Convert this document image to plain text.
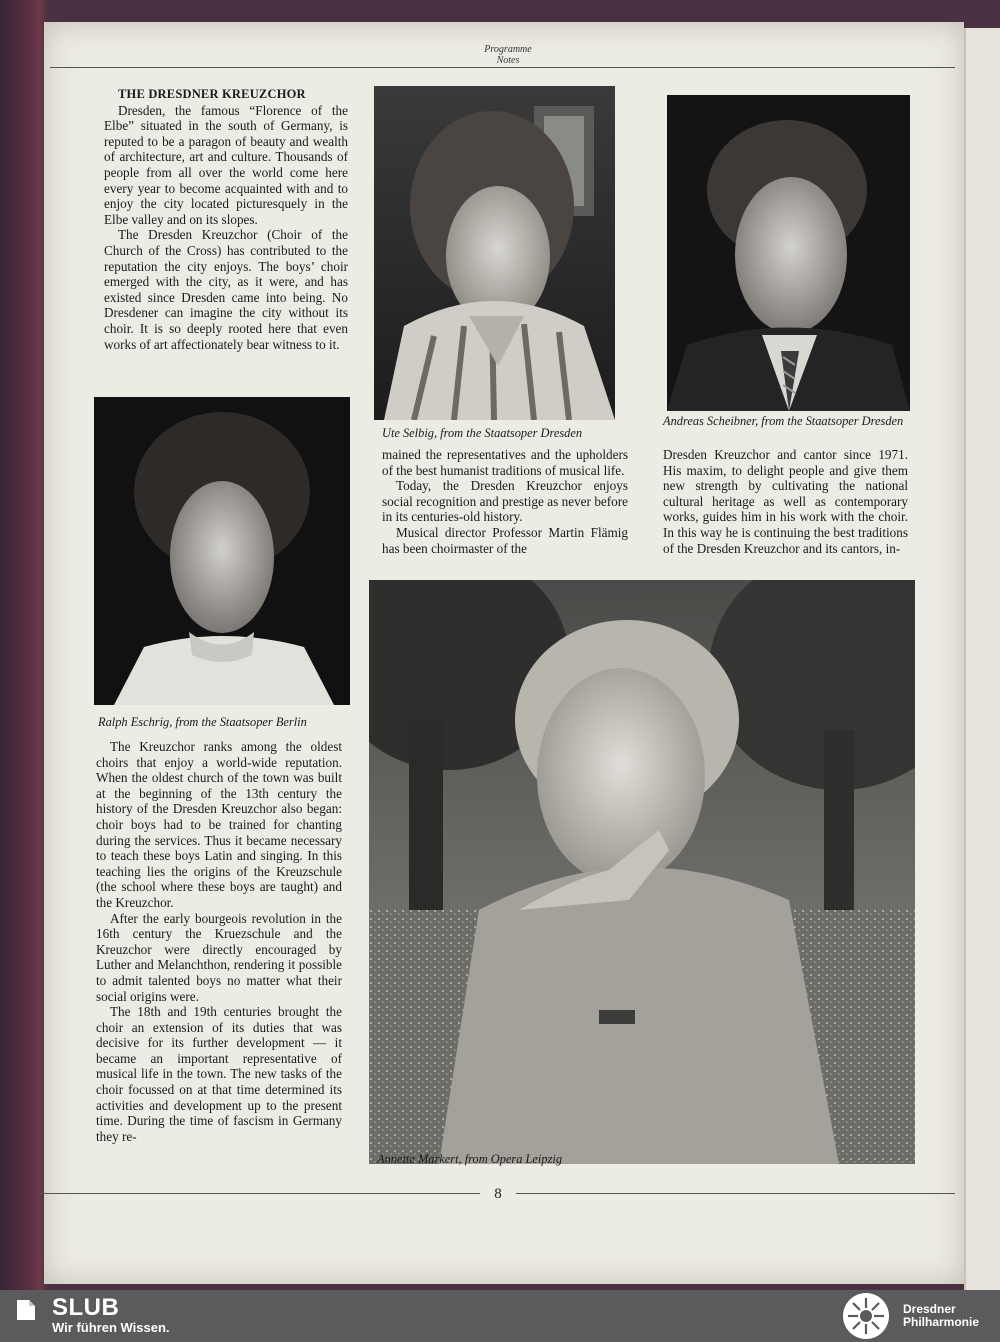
Programme
Notes

THE DRESDNER KREUZCHOR

Dresden, the famous “Florence of the Elbe” situated in the south of Germany, is reputed to be a paragon of beauty and wealth of architecture, art and culture. Thousands of people from all over the world come here every year to become acquainted with and to enjoy the city located picturesquely in the Elbe valley and on its slopes.

The Dresden Kreuzchor (Choir of the Church of the Cross) has contributed to the reputation the city enjoys. The boys’ choir emerged with the city, as it were, and has existed since Dresden came into being. No Dresdener can imagine the city without its choir. It is so deeply rooted here that even works of art affectionately bear witness to it.

Ute Selbig, from the Staatsoper Dresden
Andreas Scheibner, from the Staatsoper Dresden

mained the representatives and the upholders of the best humanist traditions of musical life.

Today, the Dresden Kreuzchor enjoys social recognition and prestige as never before in its centuries-old history.

Musical director Professor Martin Flämig has been choirmaster of the

Dresden Kreuzchor and cantor since 1971. His maxim, to delight people and give them new strength by cultivating the national cultural heritage as well as contemporary works, guides him in his work with the choir. In this way he is continuing the best traditions of the Dresden Kreuzchor and its cantors, in-

Ralph Eschrig, from the Staatsoper Berlin

The Kreuzchor ranks among the oldest choirs that enjoy a world-wide reputation. When the oldest church of the town was built at the beginning of the 13th century the history of the Dresden Kreuzchor also began: choir boys had to be trained for chanting during the services. Thus it became necessary to teach these boys Latin and singing. In this teaching lies the origins of the Kreuzschule (the school where these boys are taught) and the Kreuzchor.

After the early bourgeois revolution in the 16th century the Kruezschule and the Kreuzchor were directly encouraged by Luther and Melanchthon, rendering it possible to admit talented boys no matter what their social origins were.

The 18th and 19th centuries brought the choir an extension of its duties that was decisive for its further development — it became an important representative of musical life in the town. The new tasks of the choir focussed on at that time determined its activities and development up to the present time. During the time of fascism in Germany they re-

Annette Markert, from Opera Leipzig
8
SLUB
Wir führen Wissen.
Dresdner
Philharmonie
